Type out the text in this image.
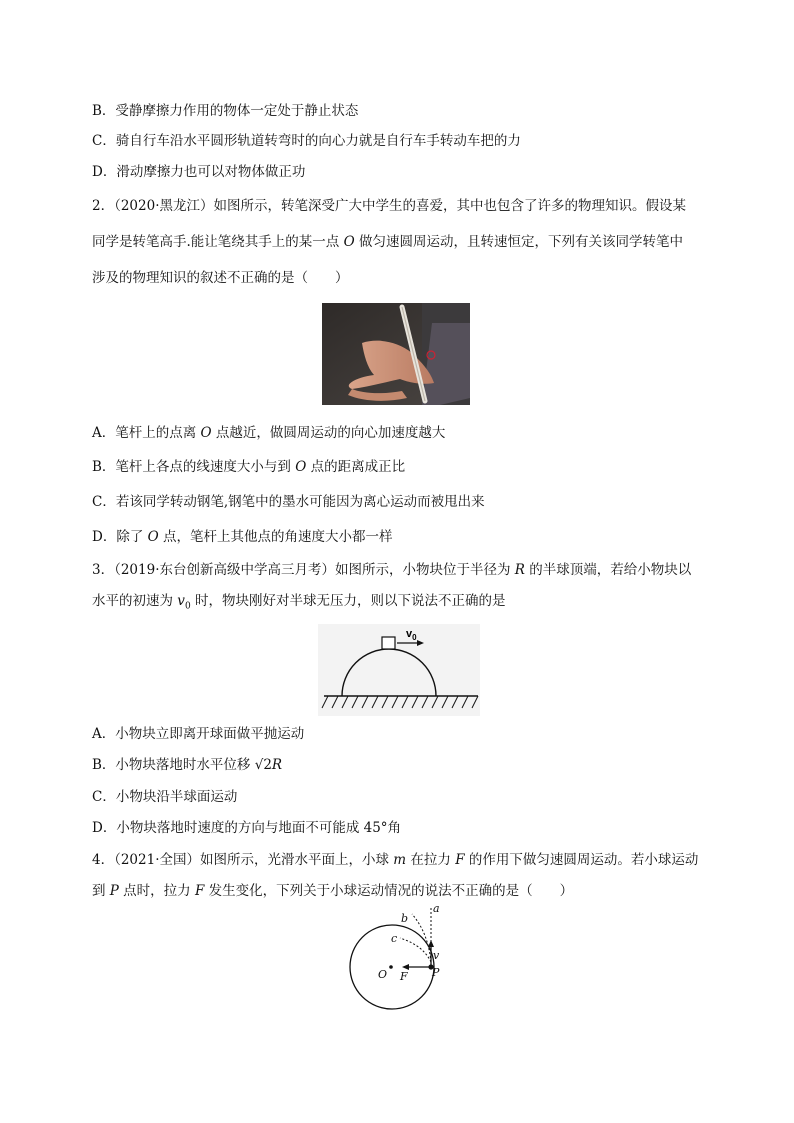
B．受静摩擦力作用的物体一定处于静止状态
C．骑自行车沿水平圆形轨道转弯时的向心力就是自行车手转动车把的力
D．滑动摩擦力也可以对物体做正功
2．（2020·黑龙江）如图所示，转笔深受广大中学生的喜爱，其中也包含了许多的物理知识。假设某
同学是转笔高手.能让笔绕其手上的某一点 O 做匀速圆周运动，且转速恒定，下列有关该同学转笔中
涉及的物理知识的叙述不正确的是（　　）
A．笔杆上的点离 O 点越近，做圆周运动的向心加速度越大
B．笔杆上各点的线速度大小与到 O 点的距离成正比
C．若该同学转动钢笔,钢笔中的墨水可能因为离心运动而被甩出来
D．除了 O 点，笔杆上其他点的角速度大小都一样
3．（2019·东台创新高级中学高三月考）如图所示，小物块位于半径为 R 的半球顶端，若给小物块以
水平的初速为 $v_0$ 时，物块刚好对半球无压力，则以下说法不正确的是
$v_0$
A．小物块立即离开球面做平抛运动
B．小物块落地时水平位移 √2R
C．小物块沿半球面运动
D．小物块落地时速度的方向与地面不可能成 45°角
4．（2021·全国）如图所示，光滑水平面上，小球 m 在拉力 F 的作用下做匀速圆周运动。若小球运动
到 P 点时，拉力 F 发生变化，下列关于小球运动情况的说法不正确的是（　　）
a
b
c
v
O F P
